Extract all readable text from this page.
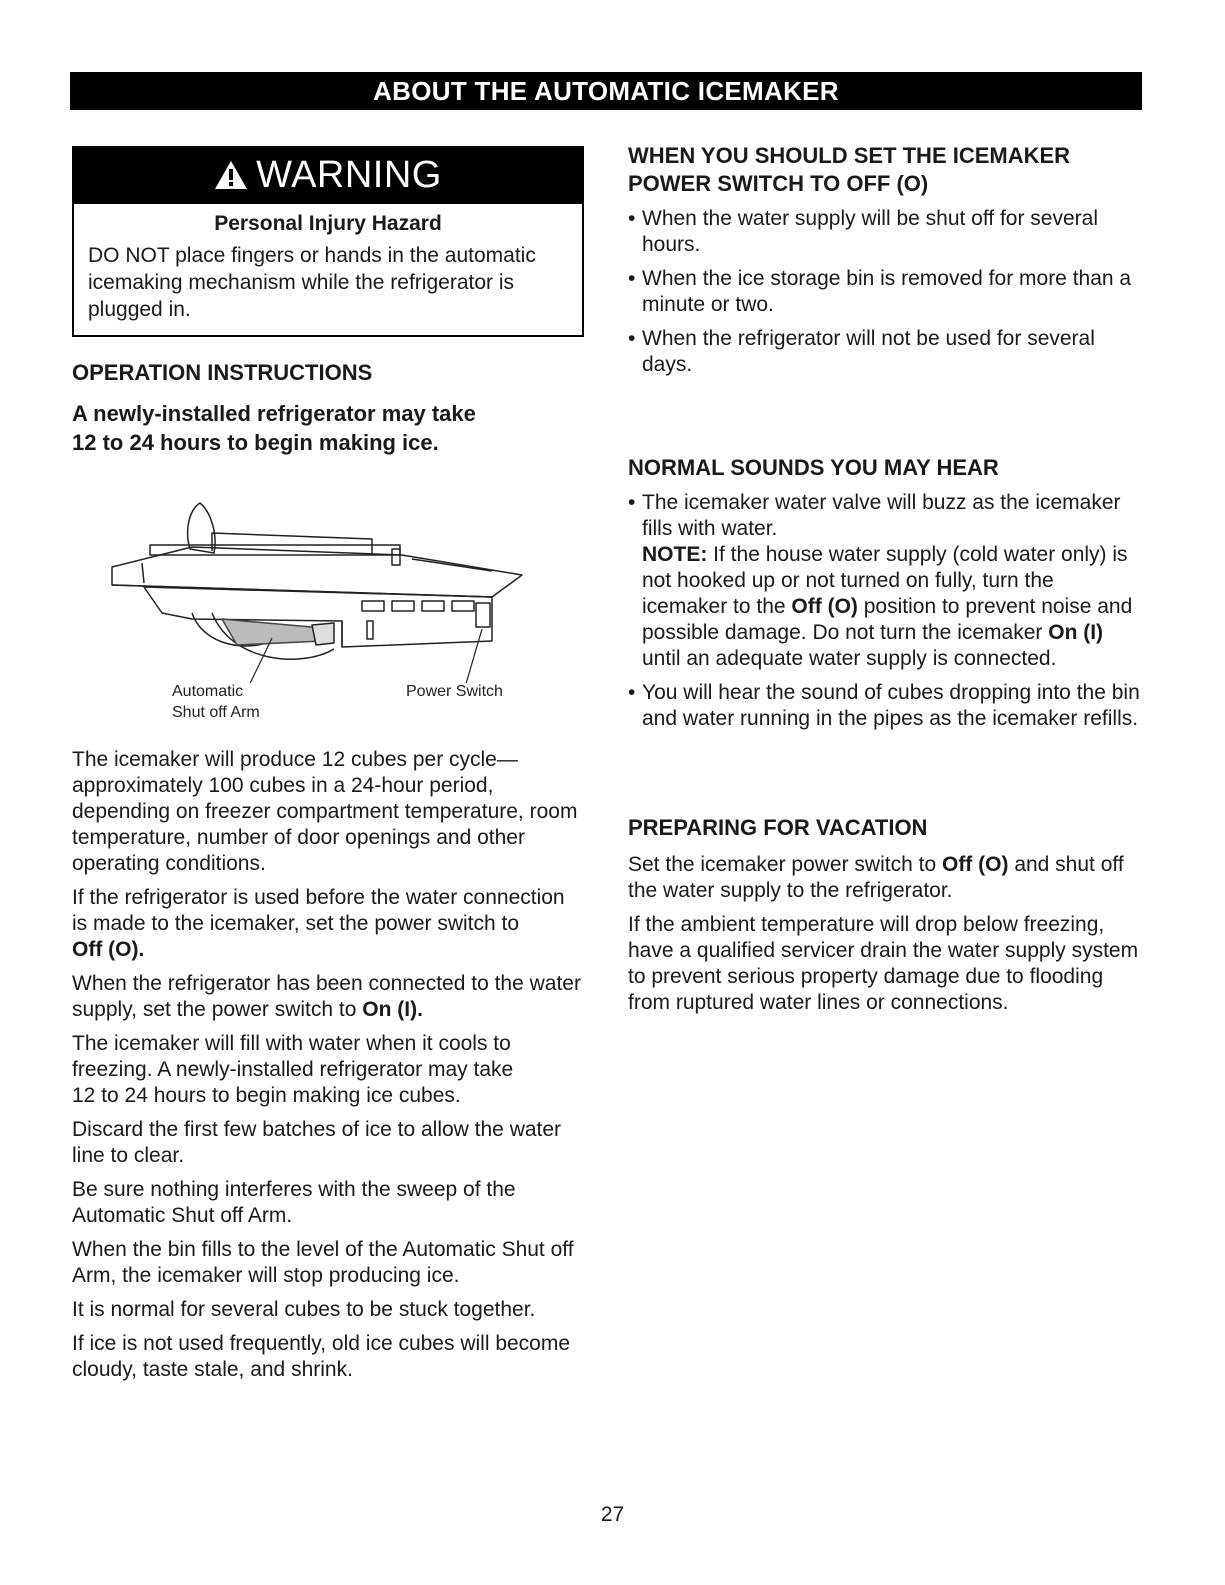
ABOUT THE AUTOMATIC ICEMAKER
WARNING
Personal Injury Hazard
DO NOT place fingers or hands in the automatic icemaking mechanism while the refrigerator is plugged in.
OPERATION INSTRUCTIONS
A newly-installed refrigerator may take
12 to 24 hours to begin making ice.
Automatic
Shut off Arm
Power Switch

The icemaker will produce 12 cubes per cycle—approximately 100 cubes in a 24-hour period, depending on freezer compartment temperature, room temperature, number of door openings and other operating conditions.

If the refrigerator is used before the water connection is made to the icemaker, set the power switch to
Off (O).

When the refrigerator has been connected to the water supply, set the power switch to On (I).

The icemaker will fill with water when it cools to freezing. A newly-installed refrigerator may take
12 to 24 hours to begin making ice cubes.

Discard the first few batches of ice to allow the water line to clear.

Be sure nothing interferes with the sweep of the Automatic Shut off Arm.

When the bin fills to the level of the Automatic Shut off Arm, the icemaker will stop producing ice.

It is normal for several cubes to be stuck together.

If ice is not used frequently, old ice cubes will become cloudy, taste stale, and shrink.

WHEN YOU SHOULD SET THE ICEMAKER
POWER SWITCH TO OFF (O)
• When the water supply will be shut off for several hours.
• When the ice storage bin is removed for more than a minute or two.
• When the refrigerator will not be used for several days.
NORMAL SOUNDS YOU MAY HEAR
• The icemaker water valve will buzz as the icemaker fills with water.
NOTE: If the house water supply (cold water only) is not hooked up or not turned on fully, turn the icemaker to the Off (O) position to prevent noise and possible damage. Do not turn the icemaker On (I) until an adequate water supply is connected.
• You will hear the sound of cubes dropping into the bin and water running in the pipes as the icemaker refills.
PREPARING FOR VACATION

Set the icemaker power switch to Off (O) and shut off the water supply to the refrigerator.

If the ambient temperature will drop below freezing, have a qualified servicer drain the water supply system to prevent serious property damage due to flooding from ruptured water lines or connections.

27
